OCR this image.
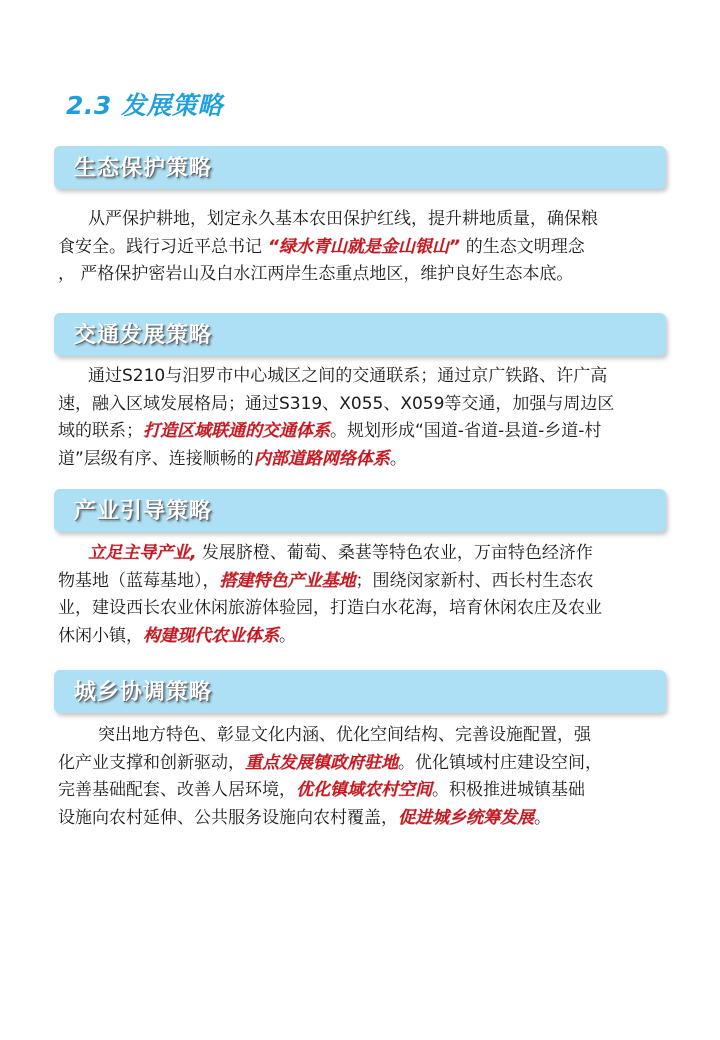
2.3 发展策略
生态保护策略
从严保护耕地，划定永久基本农田保护红线，提升耕地质量，确保粮
食安全。践行习近平总书记 “绿水青山就是金山银山” 的生态文明理念
， 严格保护密岩山及白水江两岸生态重点地区，维护良好生态本底。
交通发展策略
通过S210与汨罗市中心城区之间的交通联系；通过京广铁路、许广高
速，融入区域发展格局；通过S319、X055、X059等交通，加强与周边区
域的联系；打造区域联通的交通体系。规划形成“国道-省道-县道-乡道-村
道”层级有序、连接顺畅的内部道路网络体系。
产业引导策略
立足主导产业, 发展脐橙、葡萄、桑葚等特色农业，万亩特色经济作
物基地（蓝莓基地），搭建特色产业基地；围绕闵家新村、西长村生态农
业，建设西长农业休闲旅游体验园，打造白水花海，培育休闲农庄及农业
休闲小镇，构建现代农业体系。
城乡协调策略
突出地方特色、彰显文化内涵、优化空间结构、完善设施配置，强
化产业支撑和创新驱动，重点发展镇政府驻地。优化镇域村庄建设空间，
完善基础配套、改善人居环境，优化镇域农村空间。积极推进城镇基础
设施向农村延伸、公共服务设施向农村覆盖，促进城乡统筹发展。
